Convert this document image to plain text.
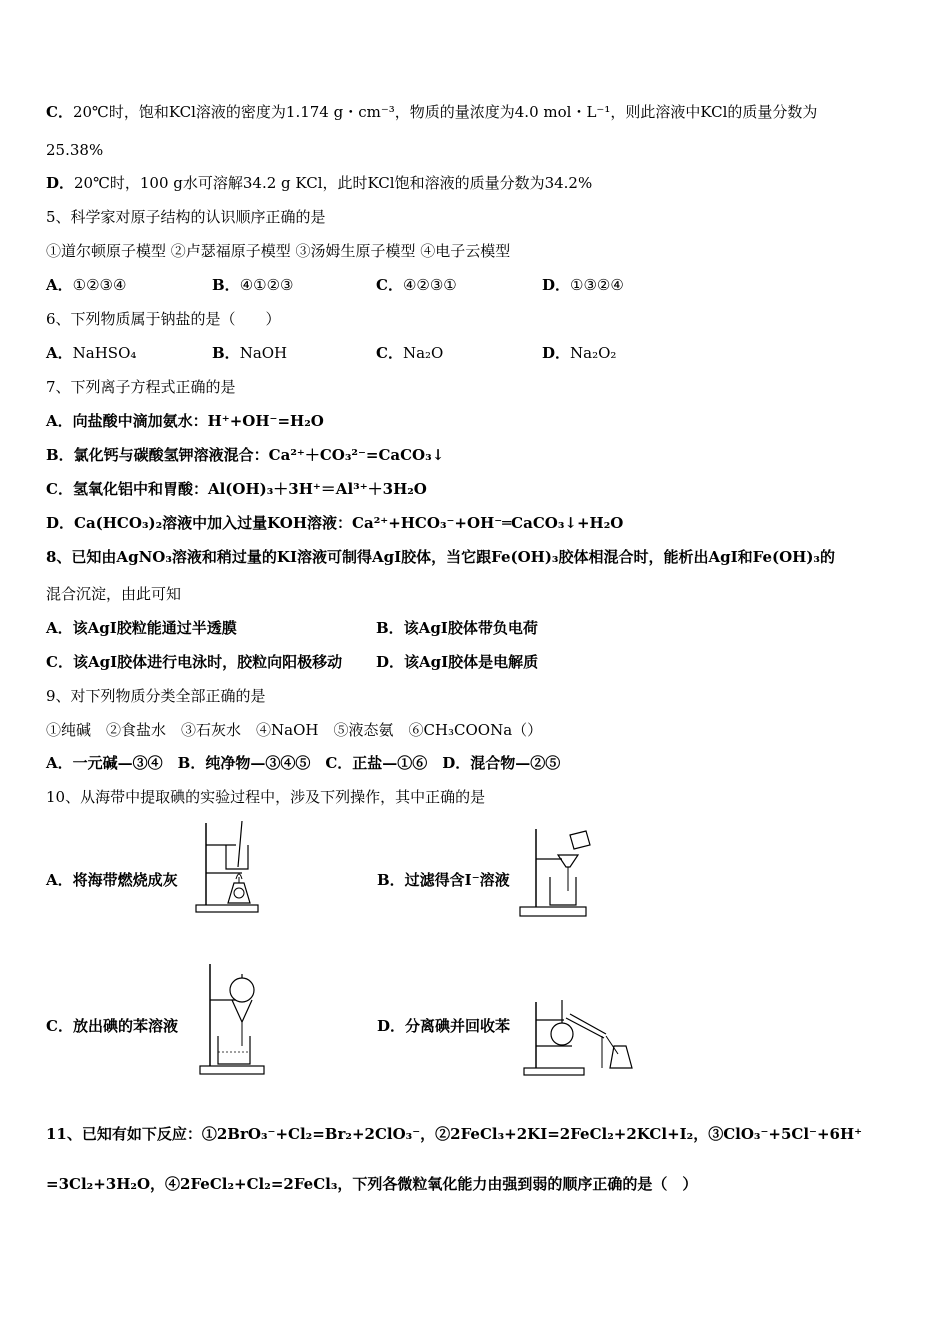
C．20℃时，饱和KCl溶液的密度为1.174 g・cm⁻³，物质的量浓度为4.0 mol・L⁻¹，则此溶液中KCl的质量分数为
25.38%
D．20℃时，100 g水可溶解34.2 g KCl，此时KCl饱和溶液的质量分数为34.2%
5、科学家对原子结构的认识顺序正确的是
①道尔顿原子模型 ②卢瑟福原子模型 ③汤姆生原子模型 ④电子云模型
A．①②③④	B．④①②③	C．④②③①	D．①③②④
6、下列物质属于钠盐的是（　　）
A．NaHSO₄	B．NaOH	C．Na₂O	D．Na₂O₂
7、下列离子方程式正确的是
A．向盐酸中滴加氨水：H⁺+OH⁻=H₂O
B．氯化钙与碳酸氢钾溶液混合：Ca²⁺＋CO₃²⁻=CaCO₃↓
C．氢氧化铝中和胃酸：Al(OH)₃＋3H⁺＝Al³⁺＋3H₂O
D．Ca(HCO₃)₂溶液中加入过量KOH溶液：Ca²⁺+HCO₃⁻+OH⁻═CaCO₃↓+H₂O
8、已知由AgNO₃溶液和稍过量的KI溶液可制得AgI胶体，当它跟Fe(OH)₃胶体相混合时，能析出AgI和Fe(OH)₃的
混合沉淀，由此可知
A．该AgI胶粒能通过半透膜	B．该AgI胶体带负电荷
C．该AgI胶体进行电泳时，胶粒向阳极移动 D．该AgI胶体是电解质
9、对下列物质分类全部正确的是
①纯碱　②食盐水　③石灰水　④NaOH　⑤液态氨　⑥CH₃COONa（）
A．一元碱—③④　B．纯净物—③④⑤　C．正盐—①⑥　D．混合物—②⑤
10、从海带中提取碘的实验过程中，涉及下列操作，其中正确的是
A．将海带燃烧成灰	B．过滤得含I⁻溶液
C．放出碘的苯溶液	D．分离碘并回收苯
11、已知有如下反应：①2BrO₃⁻+Cl₂=Br₂+2ClO₃⁻，②2FeCl₃+2KI=2FeCl₂+2KCl+I₂，③ClO₃⁻+5Cl⁻+6H⁺
=3Cl₂+3H₂O，④2FeCl₂+Cl₂=2FeCl₃，下列各微粒氧化能力由强到弱的顺序正确的是（　）
